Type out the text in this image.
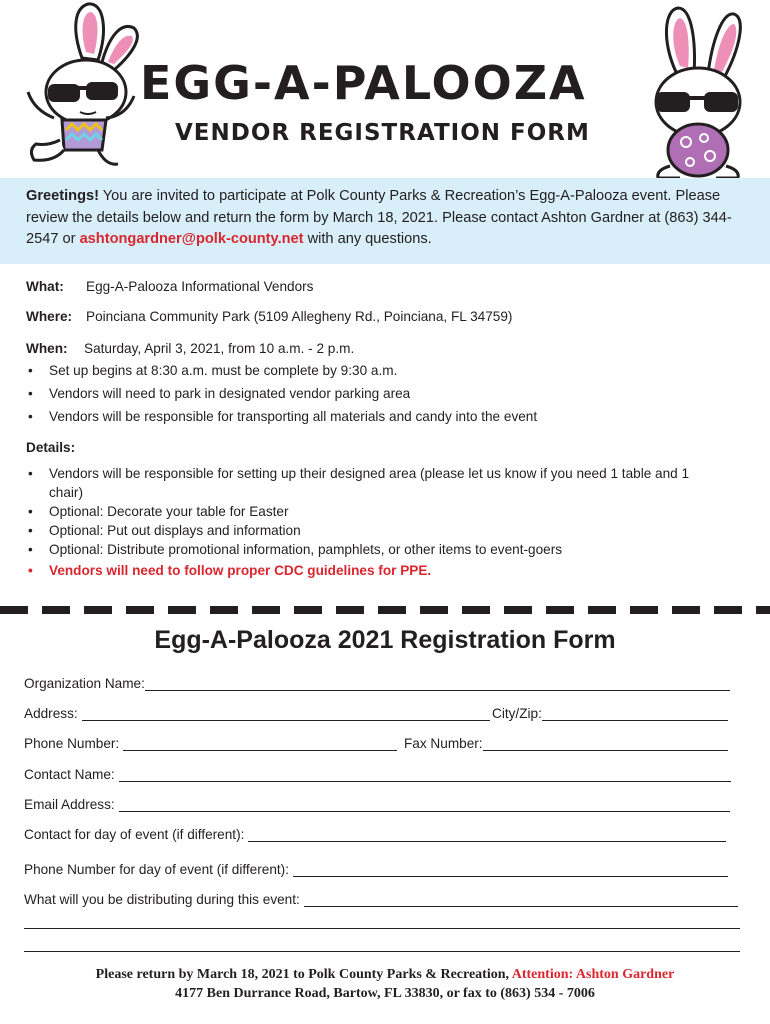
EGG-A-PALOOZA
VENDOR REGISTRATION FORM

Greetings! You are invited to participate at Polk County Parks & Recreation’s Egg-A-Palooza event. Please review the details below and return the form by March 18, 2021. Please contact Ashton Gardner at (863) 344-2547 or ashtongardner@polk-county.net with any questions.

What: Egg-A-Palooza Informational Vendors
Where: Poinciana Community Park (5109 Allegheny Rd., Poinciana, FL 34759)
When: Saturday, April 3, 2021, from 10 a.m. - 2 p.m.
• Set up begins at 8:30 a.m. must be complete by 9:30 a.m.
• Vendors will need to park in designated vendor parking area
• Vendors will be responsible for transporting all materials and candy into the event
Details:
• Vendors will be responsible for setting up their designed area (please let us know if you need 1 table and 1 chair)
• Optional: Decorate your table for Easter
• Optional: Put out displays and information
• Optional: Distribute promotional information, pamphlets, or other items to event-goers
• Vendors will need to follow proper CDC guidelines for PPE.
Egg-A-Palooza 2021 Registration Form
Organization Name:
Address:	City/Zip:
Phone Number:	Fax Number:
Contact Name:
Email Address:
Contact for day of event (if different):
Phone Number for day of event (if different):
What will you be distributing during this event:
Please return by March 18, 2021 to Polk County Parks & Recreation, Attention: Ashton Gardner
4177 Ben Durrance Road, Bartow, FL 33830, or fax to (863) 534 - 7006
